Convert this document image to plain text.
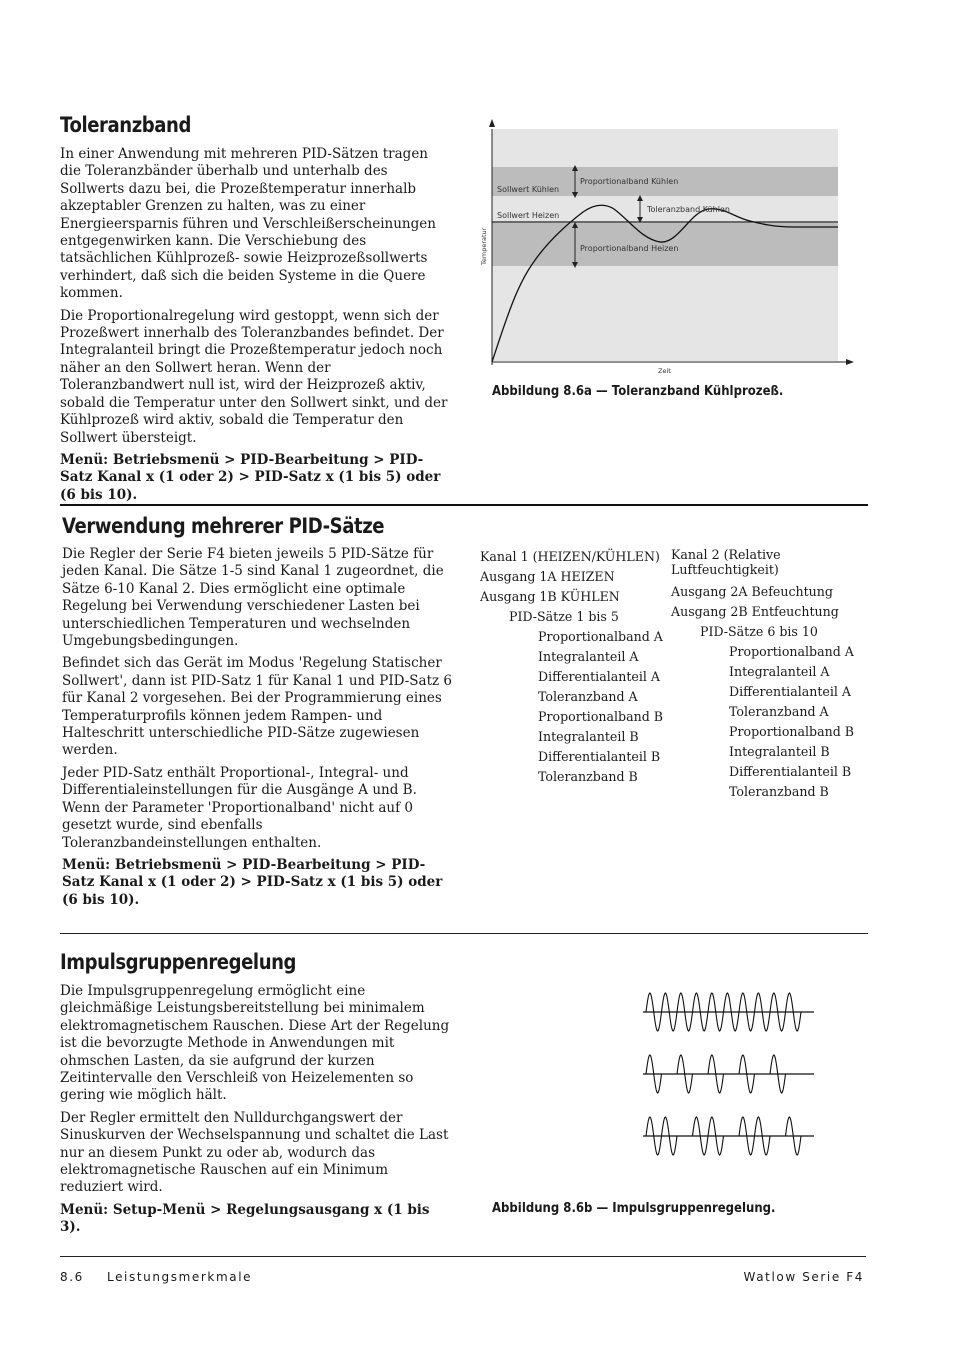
Toleranzband

In einer Anwendung mit mehreren PID-Sätzen tragen die Toleranzbänder überhalb und unterhalb des Sollwerts dazu bei, die Prozeßtemperatur innerhalb akzeptabler Grenzen zu halten, was zu einer Energieersparnis führen und Verschleißerscheinungen entgegenwirken kann. Die Verschiebung des tatsächlichen Kühlprozeß- sowie Heizprozeßsollwerts verhindert, daß sich die beiden Systeme in die Quere kommen.

Die Proportionalregelung wird gestoppt, wenn sich der Prozeßwert innerhalb des Toleranzbandes befindet. Der Integralanteil bringt die Prozeßtemperatur jedoch noch näher an den Sollwert heran. Wenn der Toleranzbandwert null ist, wird der Heizprozeß aktiv, sobald die Temperatur unter den Sollwert sinkt, und der Kühlprozeß wird aktiv, sobald die Temperatur den Sollwert übersteigt.

Menü: Betriebsmenü > PID-Bearbeitung > PID-Satz Kanal x (1 oder 2) > PID-Satz x (1 bis 5) oder (6 bis 10).

Sollwert Kühlen
Sollwert Heizen
Proportionalband Kühlen
Toleranzband Kühlen
Proportionalband Heizen
Temperatur
Zeit
Abbildung 8.6a — Toleranzband Kühlprozeß.
Verwendung mehrerer PID-Sätze

Die Regler der Serie F4 bieten jeweils 5 PID-Sätze für jeden Kanal. Die Sätze 1-5 sind Kanal 1 zugeordnet, die Sätze 6-10 Kanal 2. Dies ermöglicht eine optimale Regelung bei Verwendung verschiedener Lasten bei unterschiedlichen Temperaturen und wechselnden Umgebungsbedingungen.

Befindet sich das Gerät im Modus 'Regelung Statischer Sollwert', dann ist PID-Satz 1 für Kanal 1 und PID-Satz 6 für Kanal 2 vorgesehen. Bei der Programmierung eines Temperaturprofils können jedem Rampen- und Halteschritt unterschiedliche PID-Sätze zugewiesen werden.

Jeder PID-Satz enthält Proportional-, Integral- und Differentialeinstellungen für die Ausgänge A und B. Wenn der Parameter 'Proportionalband' nicht auf 0 gesetzt wurde, sind ebenfalls Toleranzbandeinstellungen enthalten.

Menü: Betriebsmenü > PID-Bearbeitung > PID-Satz Kanal x (1 oder 2) > PID-Satz x (1 bis 5) oder (6 bis 10).

Kanal 1 (HEIZEN/KÜHLEN)
Ausgang 1A HEIZEN
Ausgang 1B KÜHLEN
PID-Sätze 1 bis 5
Proportionalband A
Integralanteil A
Differentialanteil A
Toleranzband A
Proportionalband B
Integralanteil B
Differentialanteil B
Toleranzband B
Kanal 2 (Relative
Luftfeuchtigkeit)
Ausgang 2A Befeuchtung
Ausgang 2B Entfeuchtung
PID-Sätze 6 bis 10
Proportionalband A
Integralanteil A
Differentialanteil A
Toleranzband A
Proportionalband B
Integralanteil B
Differentialanteil B
Toleranzband B
Impulsgruppenregelung

Die Impulsgruppenregelung ermöglicht eine gleichmäßige Leistungsbereitstellung bei minimalem elektromagnetischem Rauschen. Diese Art der Regelung ist die bevorzugte Methode in Anwendungen mit ohmschen Lasten, da sie aufgrund der kurzen Zeitintervalle den Verschleiß von Heizelementen so gering wie möglich hält.

Der Regler ermittelt den Nulldurchgangswert der Sinuskurven der Wechselspannung und schaltet die Last nur an diesem Punkt zu oder ab, wodurch das elektromagnetische Rauschen auf ein Minimum reduziert wird.

Menü: Setup-Menü > Regelungsausgang x (1 bis 3).

Abbildung 8.6b — Impulsgruppenregelung.
8.6 Leistungsmerkmale	Watlow Serie F4
